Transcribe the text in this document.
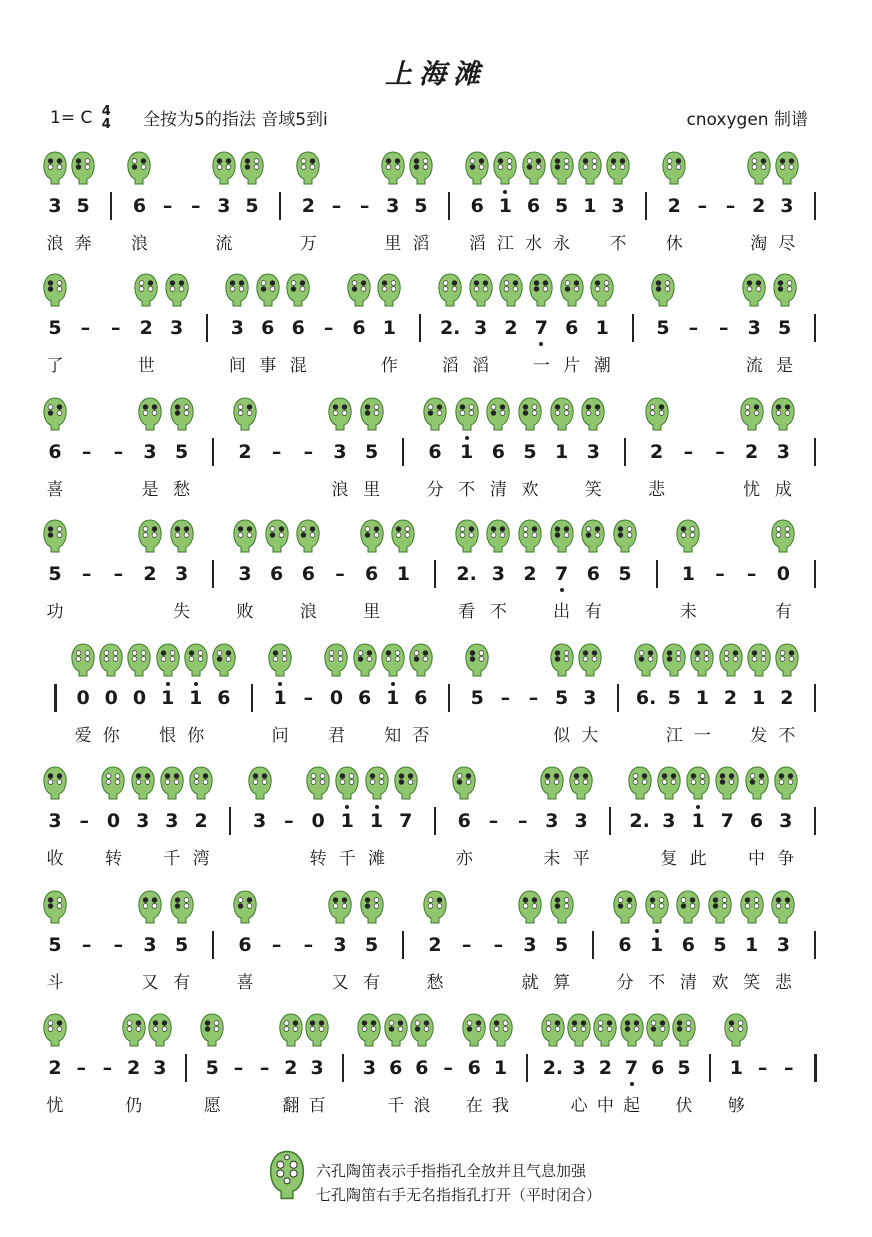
上海滩
1= C 4
4 全按为5的指法 音域5到i	cnoxygen 制谱
3 5 6 – – 3 5 2 – – 3 5 6 1 6 5 1 3 2 – – 2 3
浪 奔 浪	流	万	里 滔 滔 江 水 永 不 休	淘 尽
5	–	–	2 3	3 6 6	–	6 1 2. 3 2 7 6 1	5	–	–	3 5
了	世	间 事 混	作	滔 滔	一 片 潮	流 是
6	–	–	3 5	2	–	–	3 5	6 1 6 5 1 3	2	–	–	2 3
喜	是 愁	浪 里	分 不 清 欢	笑	悲	忧 成
5	–	–	2 3	3 6 6	–	6 1 2. 3 2 7 6 5	1	–	–	0
功	失	败	浪	里	看 不	出 有	未	有
0 0 0 1 1 6 1 – 0 6 1 6 5 – – 5 3 6. 5 1 2 1 2
爱 你 恨 你	问 君 知 否	似 大	江 一 发 不
3 – 0 3 3 2 3 – 0 1 1 7 6 –	– 3 3 2. 3 1 7 6 3
收 转 千 湾	转 千 滩	亦	未 平	复 此 中 争
5	–	–	3 5	6	–	–	3 5	2	–	–	3 5	6 1 6 5 1 3
斗	又 有	喜	又 有	愁	就 算	分 不 清 欢 笑 悲
2 – – 2 3 5 – – 2 3 3 6 6 – 6 1 2. 3 2 7 6 5 1 – –
忧	仍	愿	翻 百	千 浪 在 我	心 中 起 伏 够
六孔陶笛表示手指指孔全放并且气息加强
七孔陶笛右手无名指指孔打开（平时闭合）
